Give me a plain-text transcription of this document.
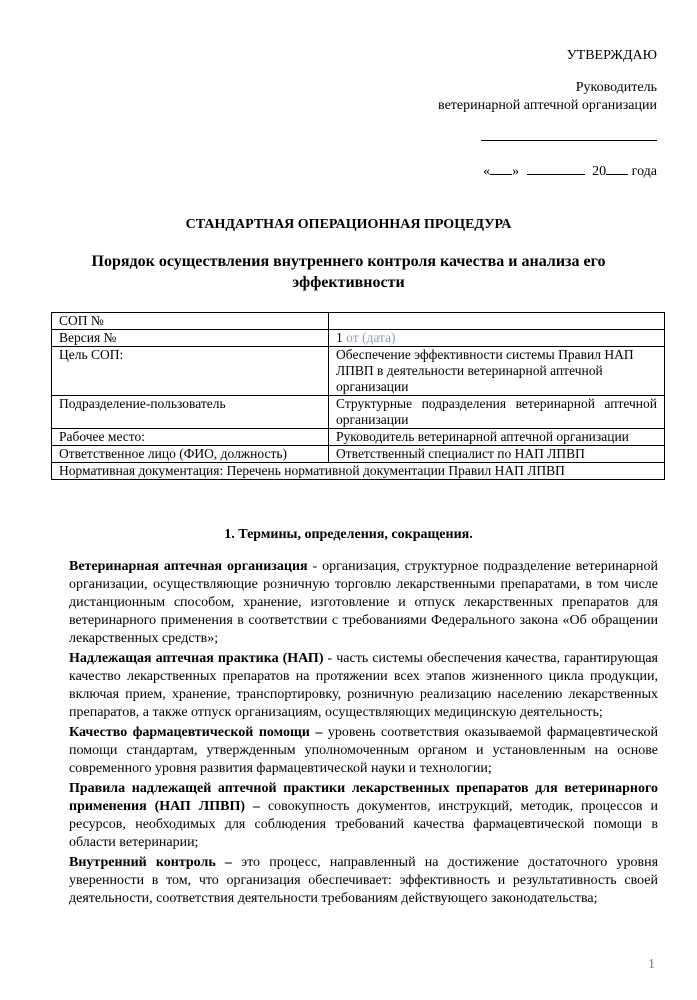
УТВЕРЖДАЮ
Руководитель
ветеринарной аптечной организации
« »	20 года
СТАНДАРТНАЯ ОПЕРАЦИОННАЯ ПРОЦЕДУРА
Порядок осуществления внутреннего контроля качества и анализа его эффективности
СОП №	
Версия №	1 от (дата)
Цель СОП:	Обеспечение эффективности системы Правил НАП ЛПВП в деятельности ветеринарной аптечной организации
Подразделение-пользователь	Структурные подразделения ветеринарной аптечной организации
Рабочее место:	Руководитель ветеринарной аптечной организации
Ответственное лицо (ФИО, должность)	Ответственный специалист по НАП ЛПВП
Нормативная документация: Перечень нормативной документации Правил НАП ЛПВП	
1. Термины, определения, сокращения.

Ветеринарная аптечная организация - организация, структурное подразделение ветеринарной организации, осуществляющие розничную торговлю лекарственными препаратами, в том числе дистанционным способом, хранение, изготовление и отпуск лекарственных препаратов для ветеринарного применения в соответствии с требованиями Федерального закона «Об обращении лекарственных средств»;

Надлежащая аптечная практика (НАП) - часть системы обеспечения качества, гарантирующая качество лекарственных препаратов на протяжении всех этапов жизненного цикла продукции, включая прием, хранение, транспортировку, розничную реализацию населению лекарственных препаратов, а также отпуск организациям, осуществляющих медицинскую деятельность;

Качество фармацевтической помощи – уровень соответствия оказываемой фармацевтической помощи стандартам, утвержденным уполномоченным органом и установленным на основе современного уровня развития фармацевтической науки и технологии;

Правила надлежащей аптечной практики лекарственных препаратов для ветеринарного применения (НАП ЛПВП) – совокупность документов, инструкций, методик, процессов и ресурсов, необходимых для соблюдения требований качества фармацевтической помощи в области ветеринарии;

Внутренний контроль – это процесс, направленный на достижение достаточного уровня уверенности в том, что организация обеспечивает: эффективность и результативность своей деятельности, соответствия деятельности требованиям действующего законодательства;

1
